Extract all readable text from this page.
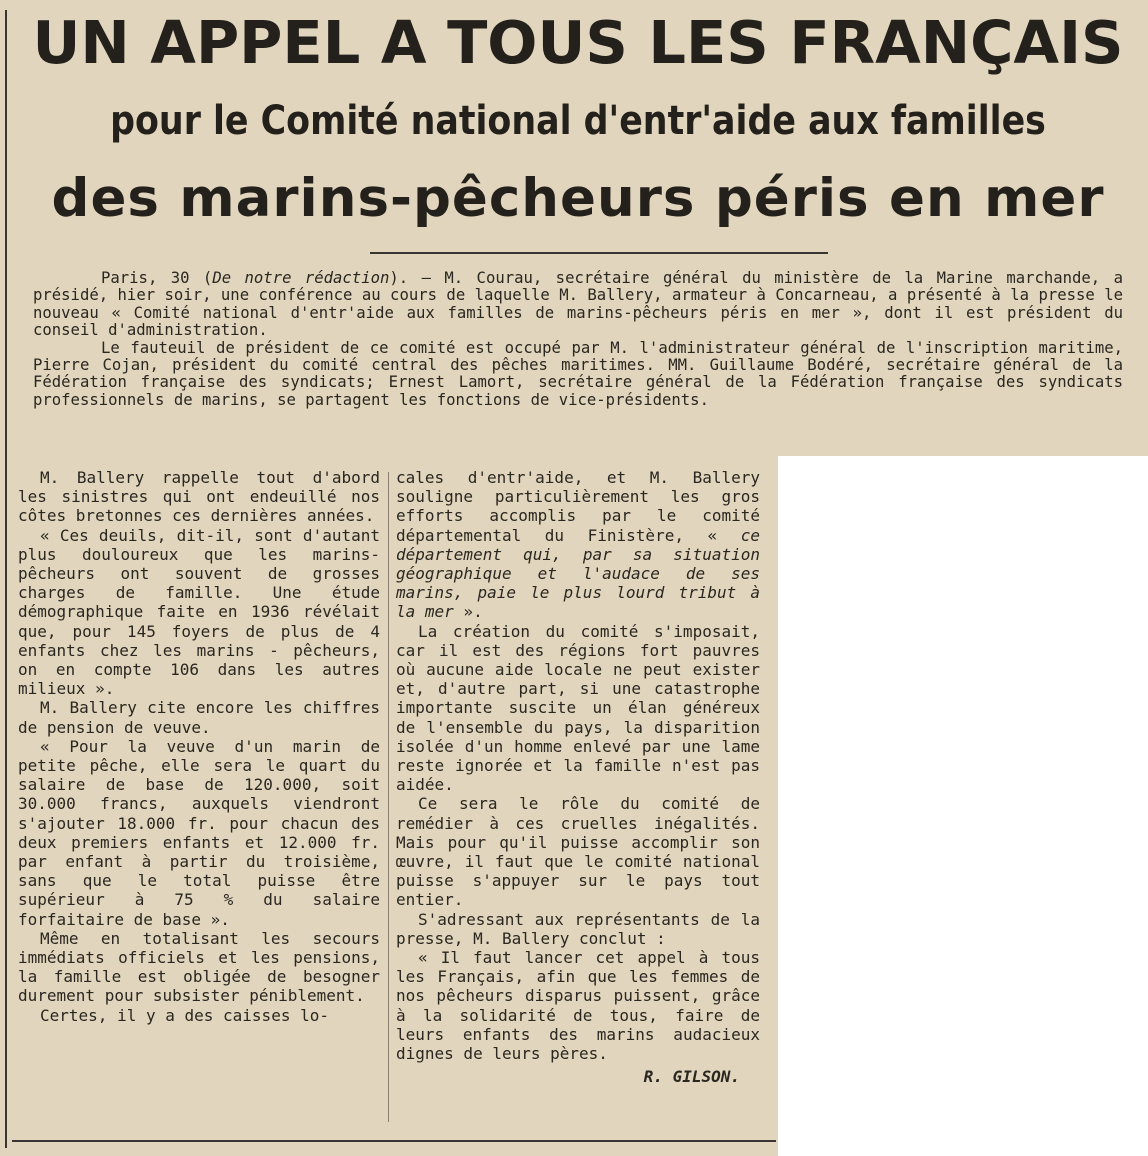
UN APPEL A TOUS LES FRANÇAIS
pour le Comité national d'entr'aide aux familles
des marins-pêcheurs péris en mer

Paris, 30 (De notre rédaction). — M. Courau, secrétaire général du ministère de la Marine marchande, a présidé, hier soir, une conférence au cours de laquelle M. Ballery, armateur à Concarneau, a présenté à la presse le nouveau « Comité national d'entr'aide aux familles de marins-pêcheurs péris en mer », dont il est président du conseil d'administration.

Le fauteuil de président de ce comité est occupé par M. l'administrateur général de l'inscription maritime, Pierre Cojan, président du comité central des pêches maritimes. MM. Guillaume Bodéré, secrétaire général de la Fédération française des syndicats; Ernest Lamort, secrétaire général de la Fédération française des syndicats professionnels de marins, se partagent les fonctions de vice-présidents.

M. Ballery rappelle tout d'abord les sinistres qui ont endeuillé nos côtes bretonnes ces dernières années.

« Ces deuils, dit-il, sont d'autant plus douloureux que les marins-pêcheurs ont souvent de grosses charges de famille. Une étude démographique faite en 1936 révélait que, pour 145 foyers de plus de 4 enfants chez les marins - pêcheurs, on en compte 106 dans les autres milieux ».

M. Ballery cite encore les chiffres de pension de veuve.

« Pour la veuve d'un marin de petite pêche, elle sera le quart du salaire de base de 120.000, soit 30.000 francs, auxquels viendront s'ajouter 18.000 fr. pour chacun des deux premiers enfants et 12.000 fr. par enfant à partir du troisième, sans que le total puisse être supérieur à 75 % du salaire forfaitaire de base ».

Même en totalisant les secours immédiats officiels et les pensions, la famille est obligée de besogner durement pour subsister péniblement.

Certes, il y a des caisses lo-

cales d'entr'aide, et M. Ballery souligne particulièrement les gros efforts accomplis par le comité départemental du Finistère, « ce département qui, par sa situation géographique et l'audace de ses marins, paie le plus lourd tribut à la mer ».

La création du comité s'imposait, car il est des régions fort pauvres où aucune aide locale ne peut exister et, d'autre part, si une catastrophe importante suscite un élan généreux de l'ensemble du pays, la disparition isolée d'un homme enlevé par une lame reste ignorée et la famille n'est pas aidée.

Ce sera le rôle du comité de remédier à ces cruelles inégalités. Mais pour qu'il puisse accomplir son œuvre, il faut que le comité national puisse s'appuyer sur le pays tout entier.

S'adressant aux représentants de la presse, M. Ballery conclut :

« Il faut lancer cet appel à tous les Français, afin que les femmes de nos pêcheurs disparus puissent, grâce à la solidarité de tous, faire de leurs enfants des marins audacieux dignes de leurs pères.

R. GILSON.
